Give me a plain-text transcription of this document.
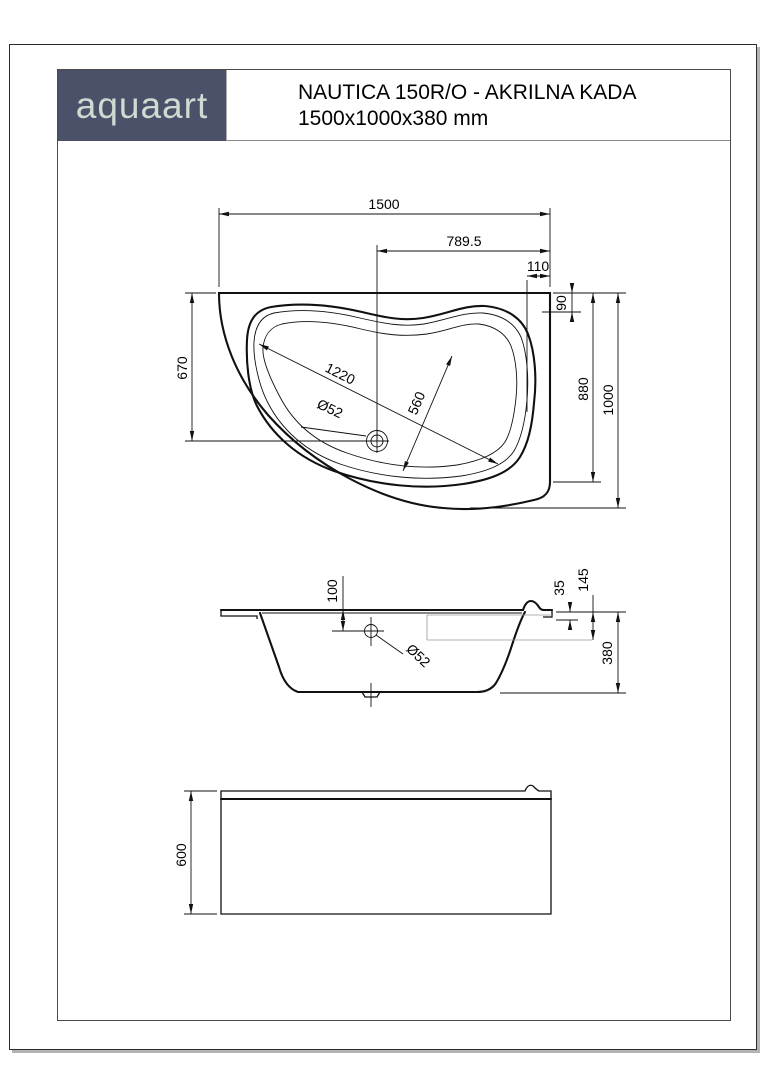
aquaart	NAUTICA 150R/O - AKRILNA KADA
1500x1000x380 mm
1500
789.5
110
90
670
880 1000
1220
560
Ø52
100
Ø52
35 145
380
600
